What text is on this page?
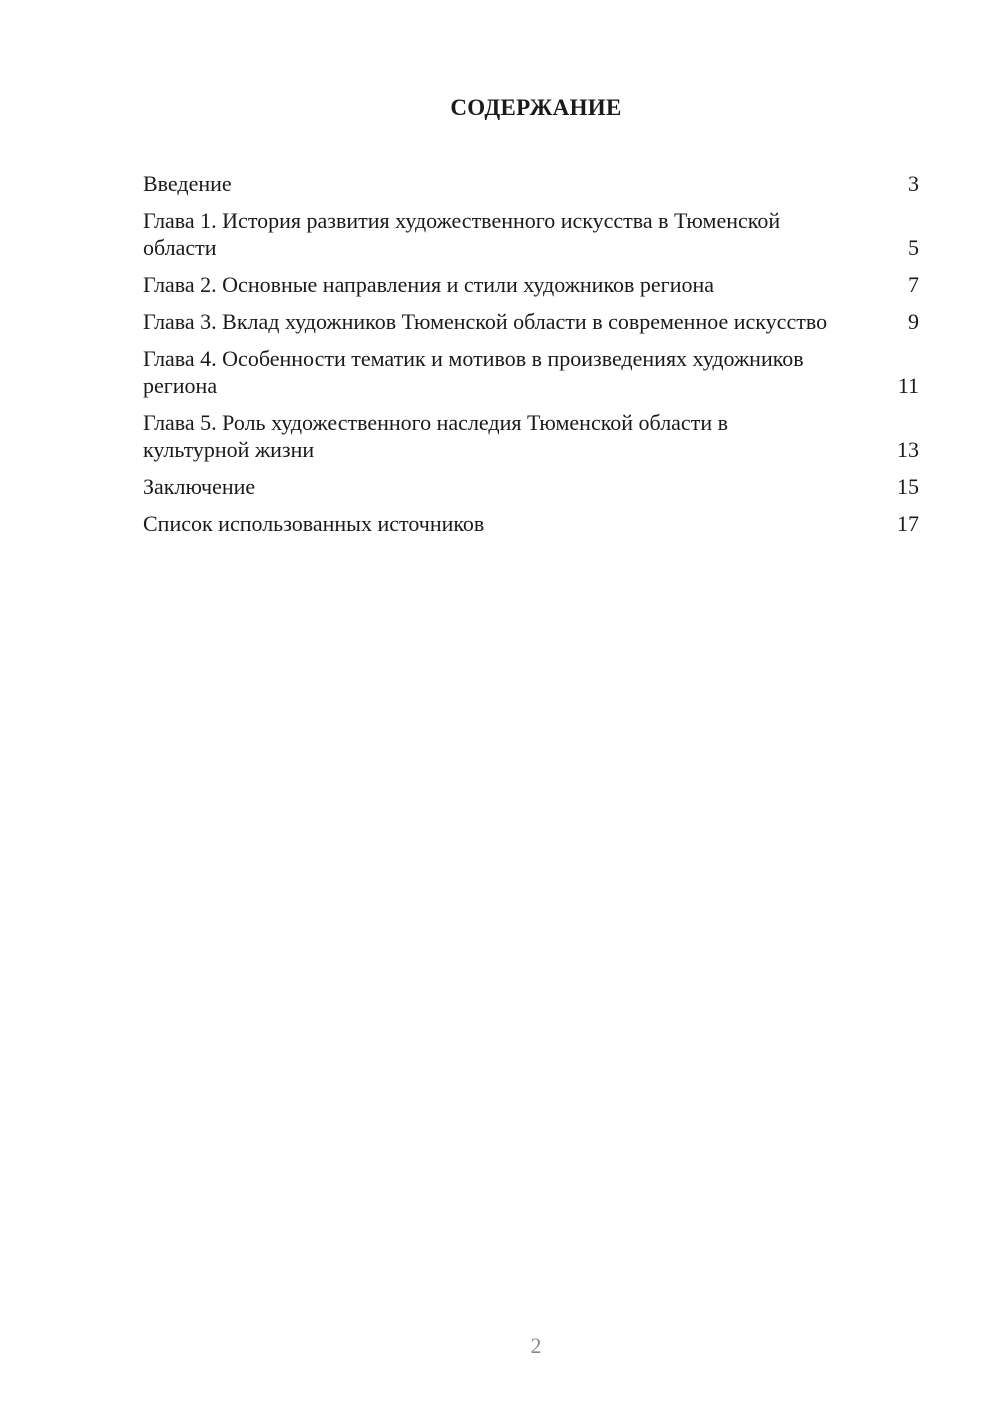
СОДЕРЖАНИЕ
Введение	3
Глава 1. История развития художественного искусства в Тюменской области	5
Глава 2. Основные направления и стили художников региона	7
Глава 3. Вклад художников Тюменской области в современное искусство	9
Глава 4. Особенности тематик и мотивов в произведениях художников региона	11
Глава 5. Роль художественного наследия Тюменской области в культурной жизни	13
Заключение	15
Список использованных источников	17
2
